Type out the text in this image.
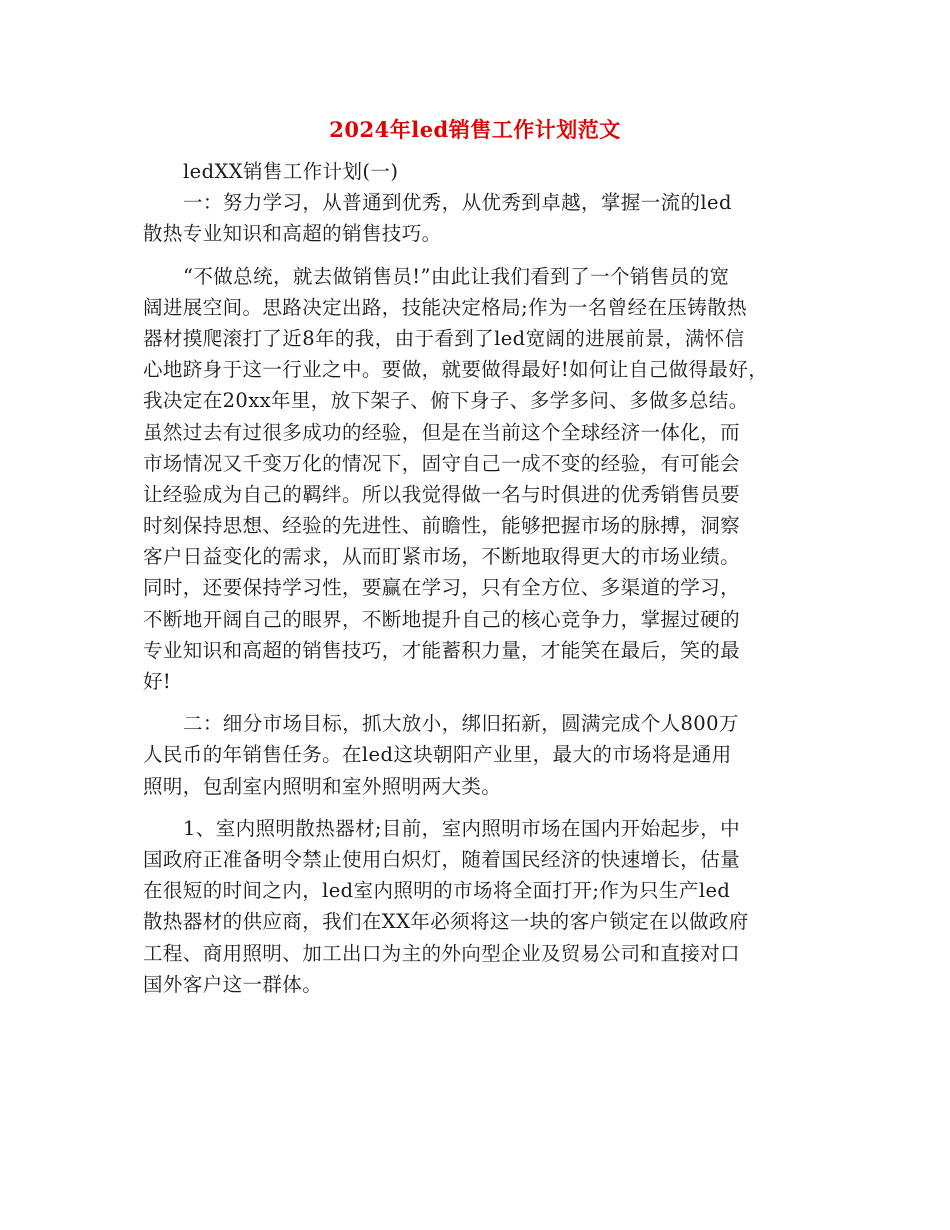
2024年led销售工作计划范文
ledXX销售工作计划(一)
一：努力学习，从普通到优秀，从优秀到卓越，掌握一流的led
散热专业知识和高超的销售技巧。
“不做总统，就去做销售员!”由此让我们看到了一个销售员的宽
阔进展空间。思路决定出路，技能决定格局;作为一名曾经在压铸散热
器材摸爬滚打了近8年的我，由于看到了led宽阔的进展前景，满怀信
心地跻身于这一行业之中。要做，就要做得最好!如何让自己做得最好，
我决定在20xx年里，放下架子、俯下身子、多学多问、多做多总结。
虽然过去有过很多成功的经验，但是在当前这个全球经济一体化，而
市场情况又千变万化的情况下，固守自己一成不变的经验，有可能会
让经验成为自己的羁绊。所以我觉得做一名与时俱进的优秀销售员要
时刻保持思想、经验的先进性、前瞻性，能够把握市场的脉搏，洞察
客户日益变化的需求，从而盯紧市场，不断地取得更大的市场业绩。
同时，还要保持学习性，要赢在学习，只有全方位、多渠道的学习，
不断地开阔自己的眼界，不断地提升自己的核心竞争力，掌握过硬的
专业知识和高超的销售技巧，才能蓄积力量，才能笑在最后，笑的最
好!
二：细分市场目标，抓大放小，绑旧拓新，圆满完成个人800万
人民币的年销售任务。在led这块朝阳产业里，最大的市场将是通用
照明，包刮室内照明和室外照明两大类。
1、室内照明散热器材;目前，室内照明市场在国内开始起步，中
国政府正准备明令禁止使用白炽灯，随着国民经济的快速增长，估量
在很短的时间之内，led室内照明的市场将全面打开;作为只生产led
散热器材的供应商，我们在XX年必须将这一块的客户锁定在以做政府
工程、商用照明、加工出口为主的外向型企业及贸易公司和直接对口
国外客户这一群体。
